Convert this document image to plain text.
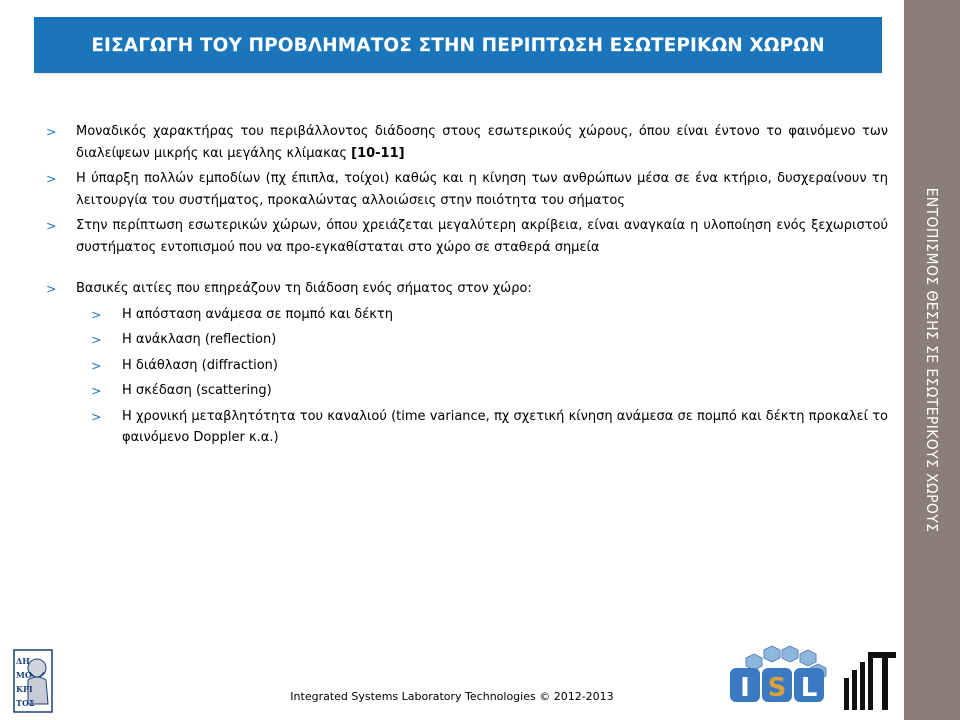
ΕΝΤΟΠΙΣΜΟΣ ΘΕΣΗΣ ΣΕ ΕΣΩΤΕΡΙΚΟΥΣ ΧΩΡΟΥΣ
ΕΙΣΑΓΩΓΗ ΤΟΥ ΠΡΟΒΛΗΜΑΤΟΣ ΣΤΗΝ ΠΕΡΙΠΤΩΣΗ ΕΣΩΤΕΡΙΚΩΝ ΧΩΡΩΝ

> Μοναδικός χαρακτήρας του περιβάλλοντος διάδοσης στους εσωτερικούς χώρους, όπου είναι έντονο το φαινόμενο των διαλείψεων μικρής και μεγάλης κλίμακας [10-11]

> Η ύπαρξη πολλών εμποδίων (πχ έπιπλα, τοίχοι) καθώς και η κίνηση των ανθρώπων μέσα σε ένα κτήριο, δυσχεραίνουν τη λειτουργία του συστήματος, προκαλώντας αλλοιώσεις στην ποιότητα του σήματος

> Στην περίπτωση εσωτερικών χώρων, όπου χρειάζεται μεγαλύτερη ακρίβεια, είναι αναγκαία η υλοποίηση ενός ξεχωριστού συστήματος εντοπισμού που να προ-εγκαθίσταται στο χώρο σε σταθερά σημεία

> Βασικές αιτίες που επηρεάζουν τη διάδοση ενός σήματος στον χώρο:

> Η απόσταση ανάμεσα σε πομπό και δέκτη

> Η ανάκλαση (reflection)

> Η διάθλαση (diffraction)

> Η σκέδαση (scattering)

> Η χρονική μεταβλητότητα του καναλιού (time variance, πχ σχετική κίνηση ανάμεσα σε πομπό και δέκτη προκαλεί το φαινόμενο Doppler κ.α.)

ΔΗ
ΜΟ
ΚΡΙ
ΤΟΣ	I S L
Integrated Systems Laboratory Technologies © 2012-2013
